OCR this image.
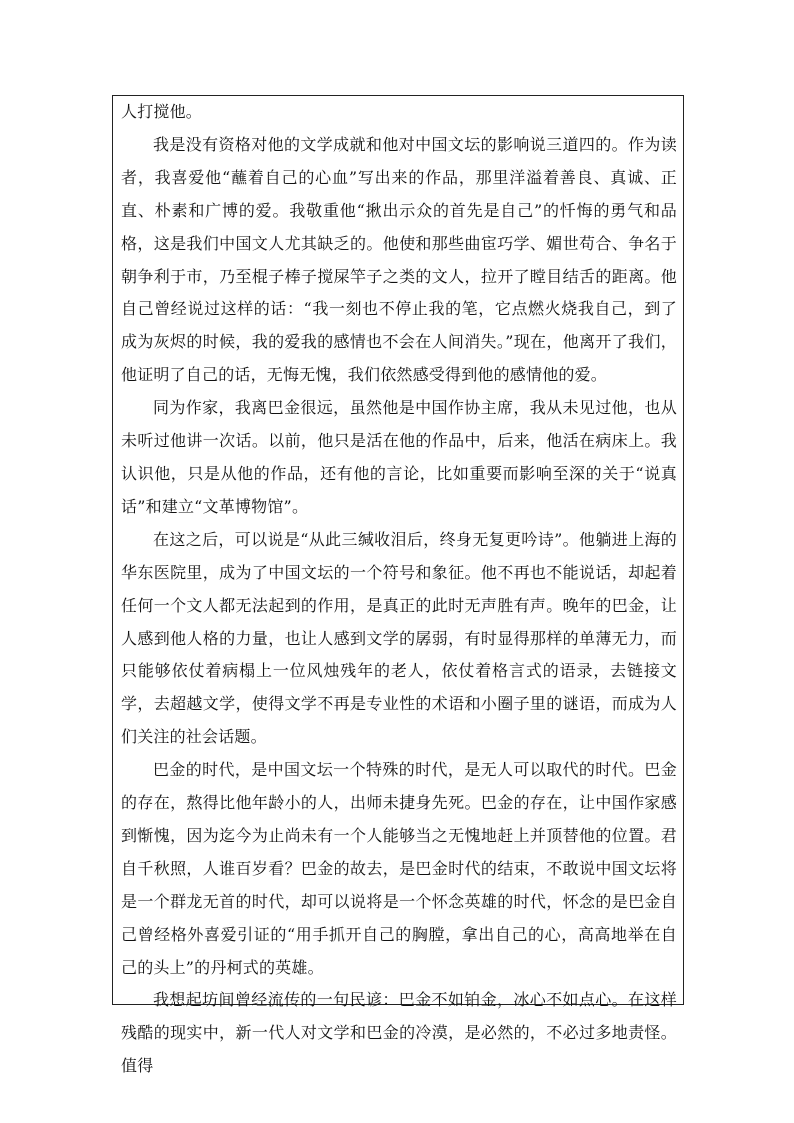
人打搅他。

我是没有资格对他的文学成就和他对中国文坛的影响说三道四的。作为读者，我喜爱他“蘸着自己的心血”写出来的作品，那里洋溢着善良、真诚、正直、朴素和广博的爱。我敬重他“揪出示众的首先是自己”的忏悔的勇气和品格，这是我们中国文人尤其缺乏的。他使和那些曲宦巧学、媚世苟合、争名于朝争利于市，乃至棍子棒子搅屎竿子之类的文人，拉开了瞠目结舌的距离。他自己曾经说过这样的话：“我一刻也不停止我的笔，它点燃火烧我自己，到了成为灰烬的时候，我的爱我的感情也不会在人间消失。”现在，他离开了我们，他证明了自己的话，无悔无愧，我们依然感受得到他的感情他的爱。

同为作家，我离巴金很远，虽然他是中国作协主席，我从未见过他，也从未听过他讲一次话。以前，他只是活在他的作品中，后来，他活在病床上。我认识他，只是从他的作品，还有他的言论，比如重要而影响至深的关于“说真话”和建立“文革博物馆”。

在这之后，可以说是“从此三缄收泪后，终身无复更吟诗”。他躺进上海的华东医院里，成为了中国文坛的一个符号和象征。他不再也不能说话，却起着任何一个文人都无法起到的作用，是真正的此时无声胜有声。晚年的巴金，让人感到他人格的力量，也让人感到文学的孱弱，有时显得那样的单薄无力，而只能够依仗着病榻上一位风烛残年的老人，依仗着格言式的语录，去链接文学，去超越文学，使得文学不再是专业性的术语和小圈子里的谜语，而成为人们关注的社会话题。

巴金的时代，是中国文坛一个特殊的时代，是无人可以取代的时代。巴金的存在，熬得比他年龄小的人，出师未捷身先死。巴金的存在，让中国作家感到惭愧，因为迄今为止尚未有一个人能够当之无愧地赶上并顶替他的位置。君自千秋照，人谁百岁看？巴金的故去，是巴金时代的结束，不敢说中国文坛将是一个群龙无首的时代，却可以说将是一个怀念英雄的时代，怀念的是巴金自己曾经格外喜爱引证的“用手抓开自己的胸膛，拿出自己的心，高高地举在自己的头上”的丹柯式的英雄。

我想起坊间曾经流传的一句民谚：巴金不如铂金，冰心不如点心。在这样残酷的现实中，新一代人对文学和巴金的冷漠，是必然的，不必过多地责怪。值得
